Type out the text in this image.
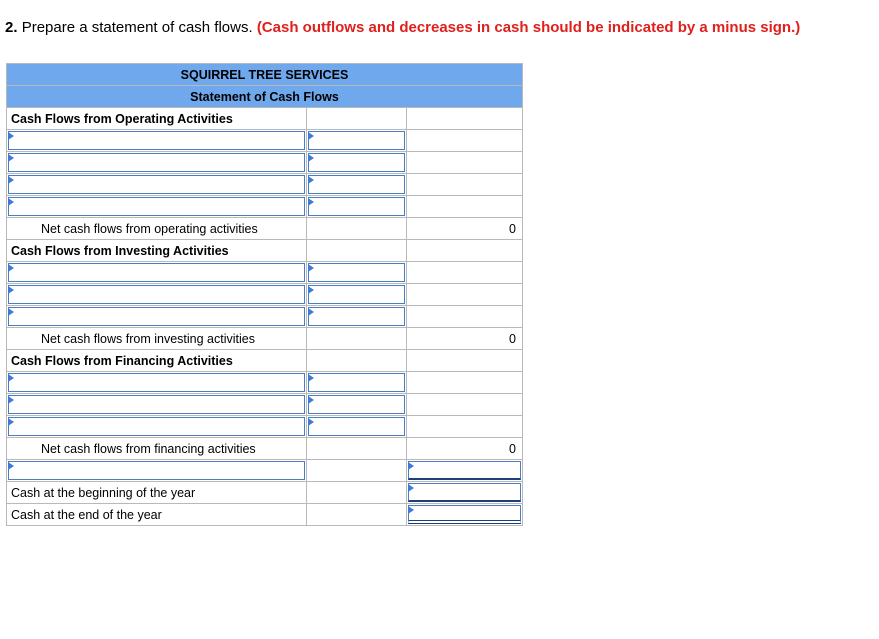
2. Prepare a statement of cash flows. (Cash outflows and decreases in cash should be indicated by a minus sign.)
SQUIRREL TREE SERVICES		
Statement of Cash Flows		
Cash Flows from Operating Activities		

Net cash flows from operating activities		0
Cash Flows from Investing Activities		

Net cash flows from investing activities		0
Cash Flows from Financing Activities		

Net cash flows from financing activities		0

Cash at the beginning of the year		

Cash at the end of the year		
